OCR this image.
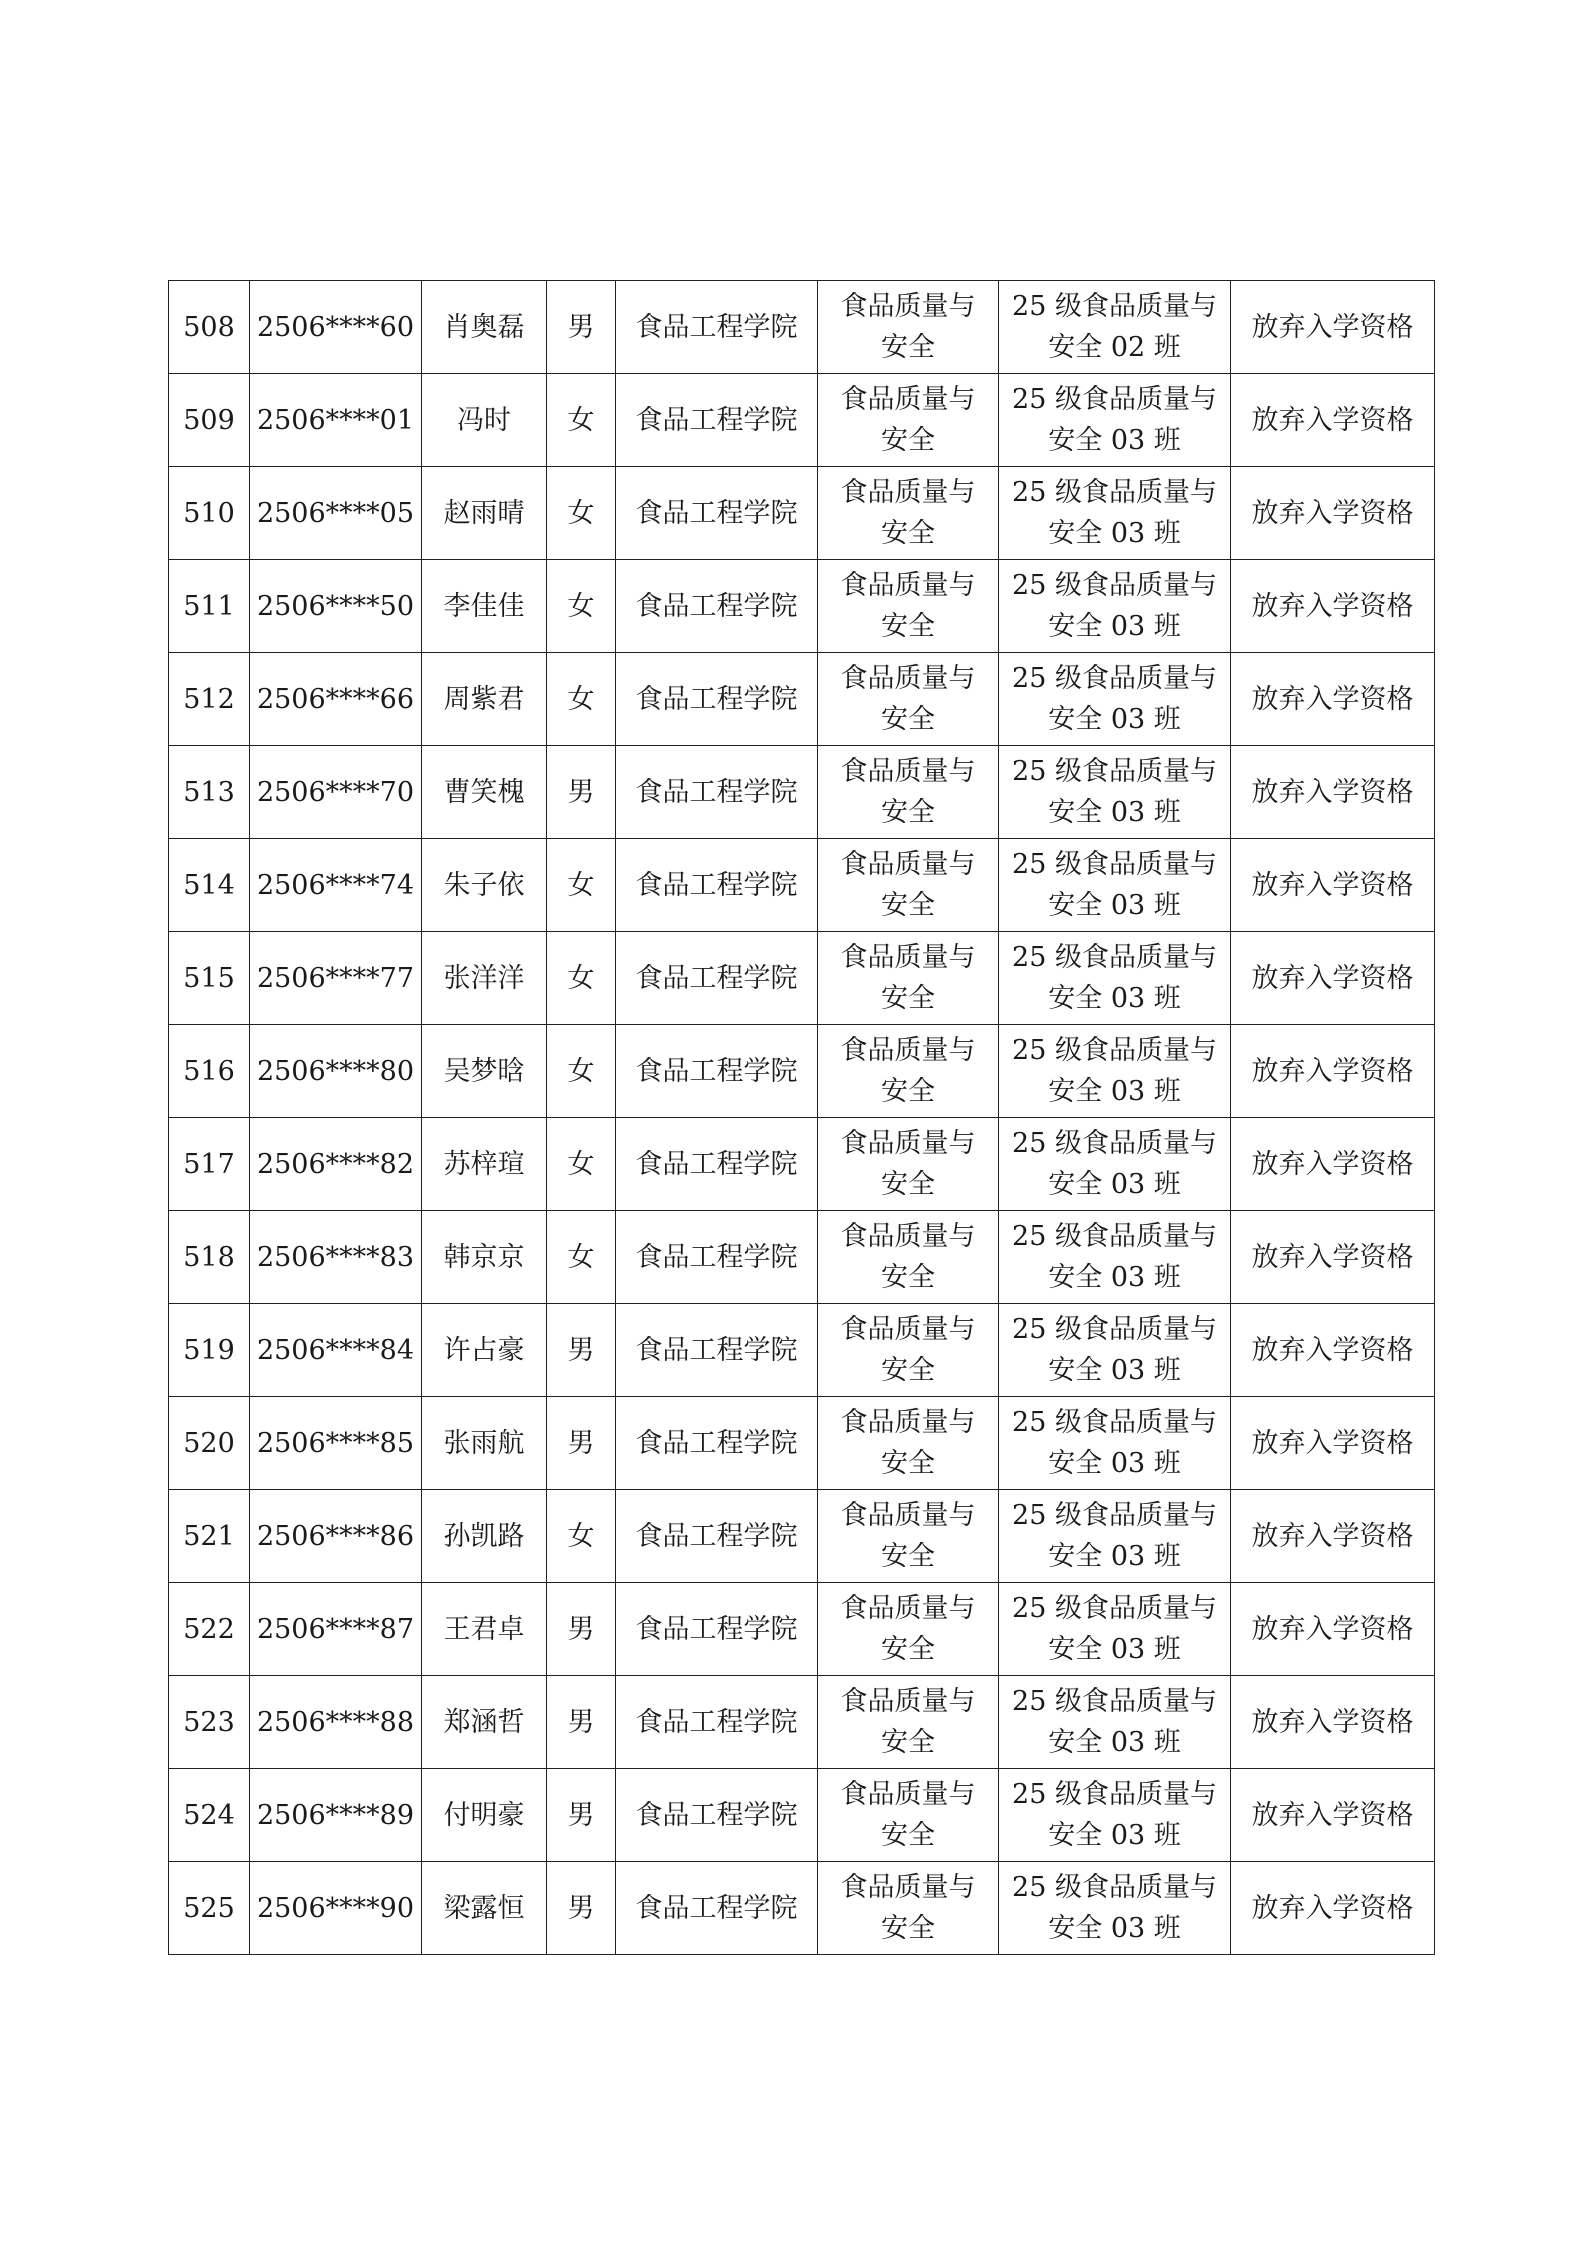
508	2506****60	肖奥磊	男	食品工程学院	食品质量与
安全	25 级食品质量与
安全 02 班	放弃入学资格
509	2506****01	冯时	女	食品工程学院	食品质量与
安全	25 级食品质量与
安全 03 班	放弃入学资格
510	2506****05	赵雨晴	女	食品工程学院	食品质量与
安全	25 级食品质量与
安全 03 班	放弃入学资格
511	2506****50	李佳佳	女	食品工程学院	食品质量与
安全	25 级食品质量与
安全 03 班	放弃入学资格
512	2506****66	周紫君	女	食品工程学院	食品质量与
安全	25 级食品质量与
安全 03 班	放弃入学资格
513	2506****70	曹笑槐	男	食品工程学院	食品质量与
安全	25 级食品质量与
安全 03 班	放弃入学资格
514	2506****74	朱子依	女	食品工程学院	食品质量与
安全	25 级食品质量与
安全 03 班	放弃入学资格
515	2506****77	张洋洋	女	食品工程学院	食品质量与
安全	25 级食品质量与
安全 03 班	放弃入学资格
516	2506****80	吴梦晗	女	食品工程学院	食品质量与
安全	25 级食品质量与
安全 03 班	放弃入学资格
517	2506****82	苏梓瑄	女	食品工程学院	食品质量与
安全	25 级食品质量与
安全 03 班	放弃入学资格
518	2506****83	韩京京	女	食品工程学院	食品质量与
安全	25 级食品质量与
安全 03 班	放弃入学资格
519	2506****84	许占豪	男	食品工程学院	食品质量与
安全	25 级食品质量与
安全 03 班	放弃入学资格
520	2506****85	张雨航	男	食品工程学院	食品质量与
安全	25 级食品质量与
安全 03 班	放弃入学资格
521	2506****86	孙凯路	女	食品工程学院	食品质量与
安全	25 级食品质量与
安全 03 班	放弃入学资格
522	2506****87	王君卓	男	食品工程学院	食品质量与
安全	25 级食品质量与
安全 03 班	放弃入学资格
523	2506****88	郑涵哲	男	食品工程学院	食品质量与
安全	25 级食品质量与
安全 03 班	放弃入学资格
524	2506****89	付明豪	男	食品工程学院	食品质量与
安全	25 级食品质量与
安全 03 班	放弃入学资格
525	2506****90	梁露恒	男	食品工程学院	食品质量与
安全	25 级食品质量与
安全 03 班	放弃入学资格
